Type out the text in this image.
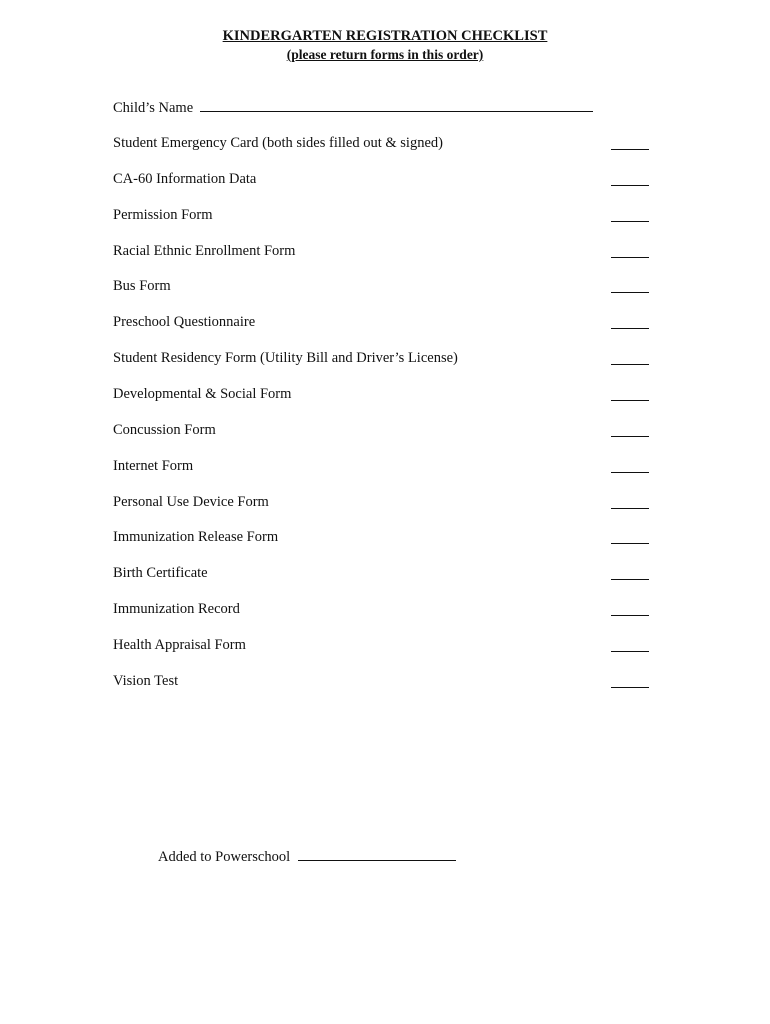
KINDERGARTEN REGISTRATION CHECKLIST
(please return forms in this order)
Child’s Name
Student Emergency Card (both sides filled out & signed)
CA-60 Information Data
Permission Form
Racial Ethnic Enrollment Form
Bus Form
Preschool Questionnaire
Student Residency Form (Utility Bill and Driver’s License)
Developmental & Social Form
Concussion Form
Internet Form
Personal Use Device Form
Immunization Release Form
Birth Certificate
Immunization Record
Health Appraisal Form
Vision Test
Added to Powerschool
